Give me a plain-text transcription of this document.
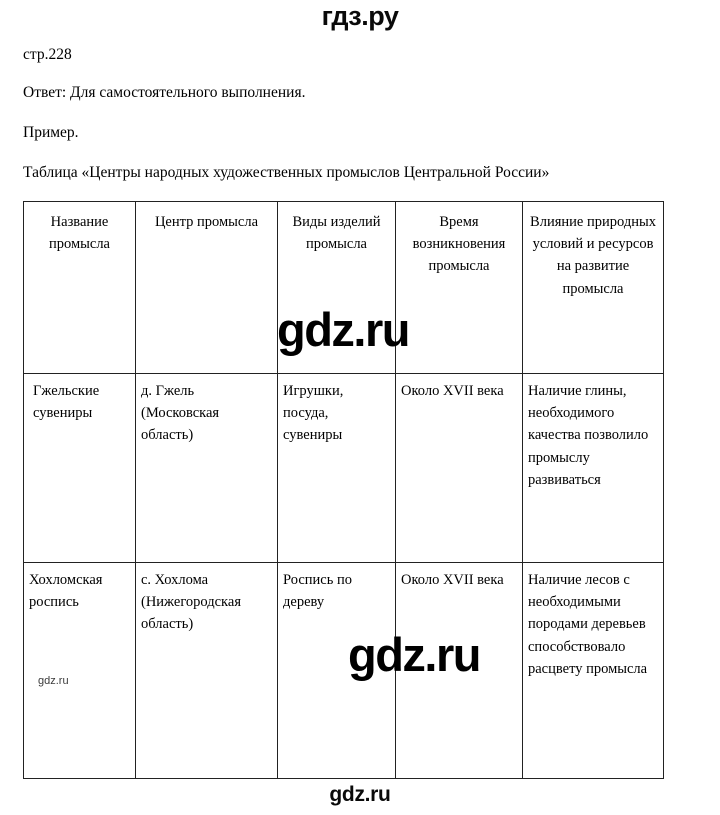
гдз.ру

стр.228

Ответ: Для самостоятельного выполнения.

Пример.

Таблица «Центры народных художественных промыслов Центральной России»

Название промысла	Центр промысла	Виды изделий промысла	Время возникновения промысла	Влияние природных условий и ресурсов на развитие промысла

Гжельские сувениры	д. Гжель (Московская область)	Игрушки, посуда, сувениры	Около XVII века	Наличие глины, необходимого качества позволило промыслу развиваться
Хохломская роспись	с. Хохлома (Нижегородская область)	Роспись по дереву	Около XVII века	Наличие лесов с необходимыми породами деревьев способствовало расцвету промысла
gdz.ru
gdz.ru
gdz.ru
gdz.ru
